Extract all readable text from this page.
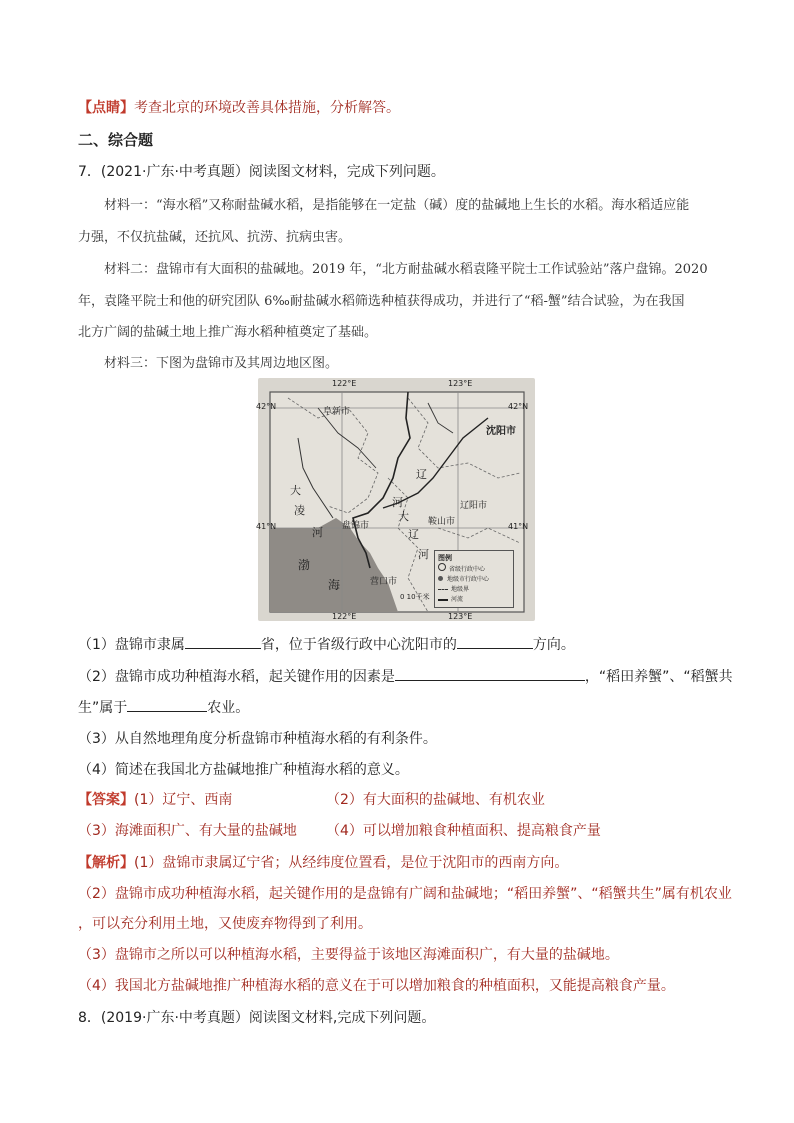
【点睛】考查北京的环境改善具体措施，分析解答。
二、综合题
7．(2021·广东·中考真题）阅读图文材料，完成下列问题。
材料一：“海水稻”又称耐盐碱水稻，是指能够在一定盐（碱）度的盐碱地上生长的水稻。海水稻适应能
力强，不仅抗盐碱，还抗风、抗涝、抗病虫害。
材料二：盘锦市有大面积的盐碱地。2019 年，“北方耐盐碱水稻袁隆平院士工作试验站”落户盘锦。2020
年，袁隆平院士和他的研究团队 6‰耐盐碱水稻筛选种植获得成功，并进行了“稻-蟹”结合试验，为在我国
北方广阔的盐碱土地上推广海水稻种植奠定了基础。
材料三：下图为盘锦市及其周边地区图。
122°E	123°E
122°E	123°E
42°N	42°N
41°N	41°N
阜新市
沈阳市
辽阳市
盘锦市	鞍山市
营口市
辽
河
大
凌
河
大
辽
河
渤
海
0 10千米
图例
省级行政中心
地级市行政中心
地级界
河流
（1）盘锦市隶属	省，位于省级行政中心沈阳市的	方向。
（2）盘锦市成功种植海水稻，起关键作用的因素是	，“稻田养蟹”、“稻蟹共
生”属于	农业。
（3）从自然地理角度分析盘锦市种植海水稻的有利条件。
（4）简述在我国北方盐碱地推广种植海水稻的意义。
【答案】(1）辽宁、西南	（2）有大面积的盐碱地、有机农业
（3）海滩面积广、有大量的盐碱地 （4）可以增加粮食种植面积、提高粮食产量
【解析】(1）盘锦市隶属辽宁省；从经纬度位置看，是位于沈阳市的西南方向。
（2）盘锦市成功种植海水稻，起关键作用的是盘锦有广阔和盐碱地；“稻田养蟹”、“稻蟹共生”属有机农业
，可以充分利用土地，又使废弃物得到了利用。
（3）盘锦市之所以可以种植海水稻，主要得益于该地区海滩面积广，有大量的盐碱地。
（4）我国北方盐碱地推广种植海水稻的意义在于可以增加粮食的种植面积，又能提高粮食产量。
8．(2019·广东·中考真题）阅读图文材料,完成下列问题。
